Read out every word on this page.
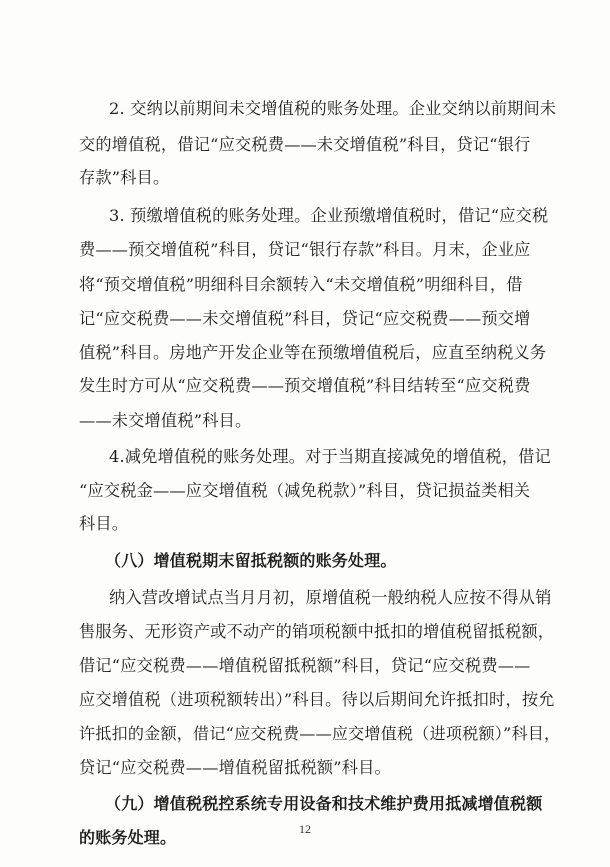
2. 交纳以前期间未交增值税的账务处理。企业交纳以前期间未
交的增值税，借记“应交税费——未交增值税”科目，贷记“银行
存款”科目。
3. 预缴增值税的账务处理。企业预缴增值税时，借记“应交税
费——预交增值税”科目，贷记“银行存款”科目。月末，企业应
将“预交增值税”明细科目余额转入“未交增值税”明细科目，借
记“应交税费——未交增值税”科目，贷记“应交税费——预交增
值税”科目。房地产开发企业等在预缴增值税后，应直至纳税义务
发生时方可从“应交税费——预交增值税”科目结转至“应交税费
——未交增值税”科目。
4.减免增值税的账务处理。对于当期直接减免的增值税，借记
“应交税金——应交增值税（减免税款）”科目，贷记损益类相关
科目。
（八）增值税期末留抵税额的账务处理。
纳入营改增试点当月月初，原增值税一般纳税人应按不得从销
售服务、无形资产或不动产的销项税额中抵扣的增值税留抵税额，
借记“应交税费——增值税留抵税额”科目，贷记“应交税费——
应交增值税（进项税额转出）”科目。待以后期间允许抵扣时，按允
许抵扣的金额，借记“应交税费——应交增值税（进项税额）”科目，
贷记“应交税费——增值税留抵税额”科目。
（九）增值税税控系统专用设备和技术维护费用抵减增值税额
的账务处理。	12
